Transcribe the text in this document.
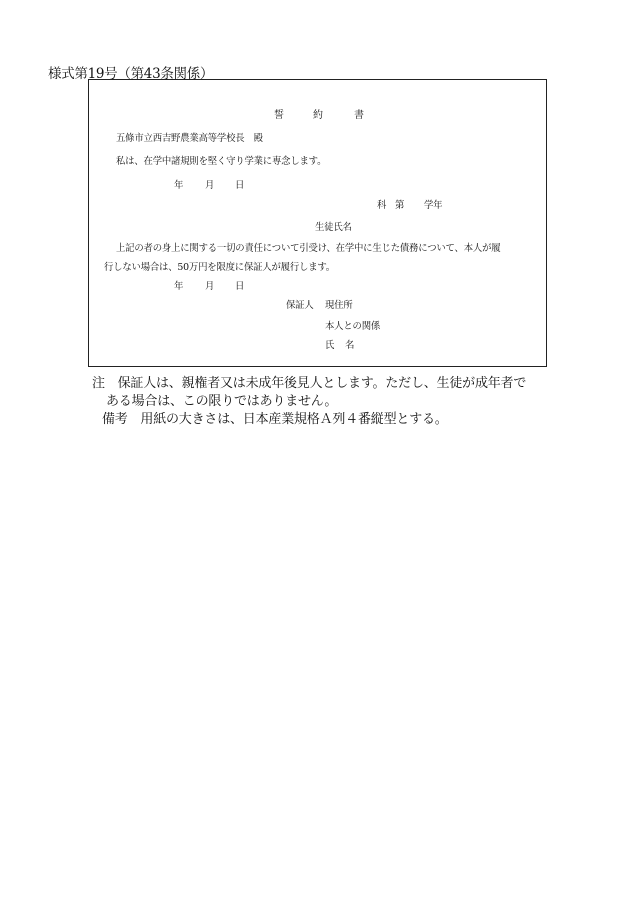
様式第19号（第43条関係）
誓	約	書
五條市立西吉野農業高等学校長　殿
私は、在学中諸規則を堅く守り学業に専念します。
年 月 日
科 第 学年
生徒氏名
上記の者の身上に関する一切の責任について引受け、在学中に生じた債務について、本人が履
行しない場合は、50万円を限度に保証人が履行します。
年 月 日
保証人 現住所
本人との関係
氏 名
注　保証人は、親権者又は未成年後見人とします。ただし、生徒が成年者で
ある場合は、この限りではありません。
備考　用紙の大きさは、日本産業規格Ａ列４番縦型とする。
